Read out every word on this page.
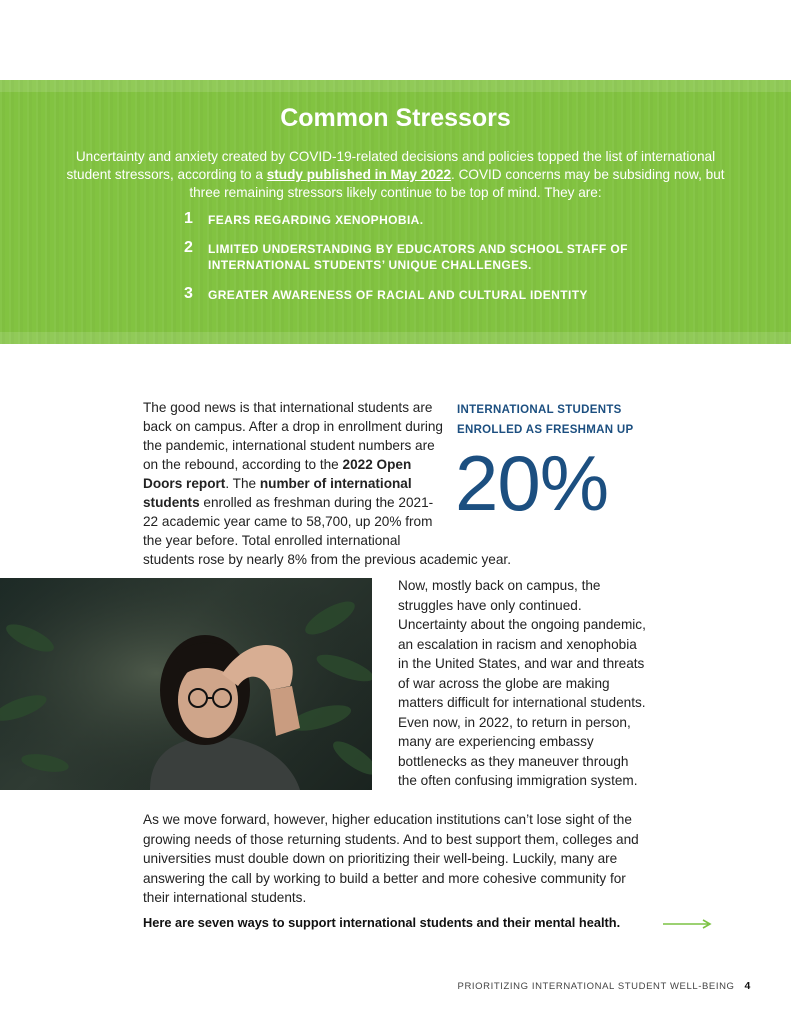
Common Stressors

Uncertainty and anxiety created by COVID-19-related decisions and policies topped the list of international student stressors, according to a study published in May 2022. COVID concerns may be subsiding now, but three remaining stressors likely continue to be top of mind. They are:

1 FEARS REGARDING XENOPHOBIA.
2 LIMITED UNDERSTANDING BY EDUCATORS AND SCHOOL STAFF OF INTERNATIONAL STUDENTS’ UNIQUE CHALLENGES.
3 GREATER AWARENESS OF RACIAL AND CULTURAL IDENTITY

INTERNATIONAL STUDENTS
ENROLLED AS FRESHMAN UP
20%
The good news is that international students are back on campus. After a drop in enrollment during the pandemic, international student numbers are on the rebound, according to the 2022 Open Doors report. The number of international students enrolled as freshman during the 2021-22 academic year came to 58,700, up 20% from the year before. Total enrolled international students rose by nearly 8% from the previous academic year.

Now, mostly back on campus, the struggles have only continued. Uncertainty about the ongoing pandemic, an escalation in racism and xenophobia in the United States, and war and threats of war across the globe are making matters difficult for international students. Even now, in 2022, to return in person, many are experiencing embassy bottlenecks as they maneuver through the often confusing immigration system.

As we move forward, however, higher education institutions can’t lose sight of the growing needs of those returning students. And to best support them, colleges and universities must double down on prioritizing their well-being. Luckily, many are answering the call by working to build a better and more cohesive community for their international students.

Here are seven ways to support international students and their mental health.

PRIORITIZING INTERNATIONAL STUDENT WELL-BEING 4
